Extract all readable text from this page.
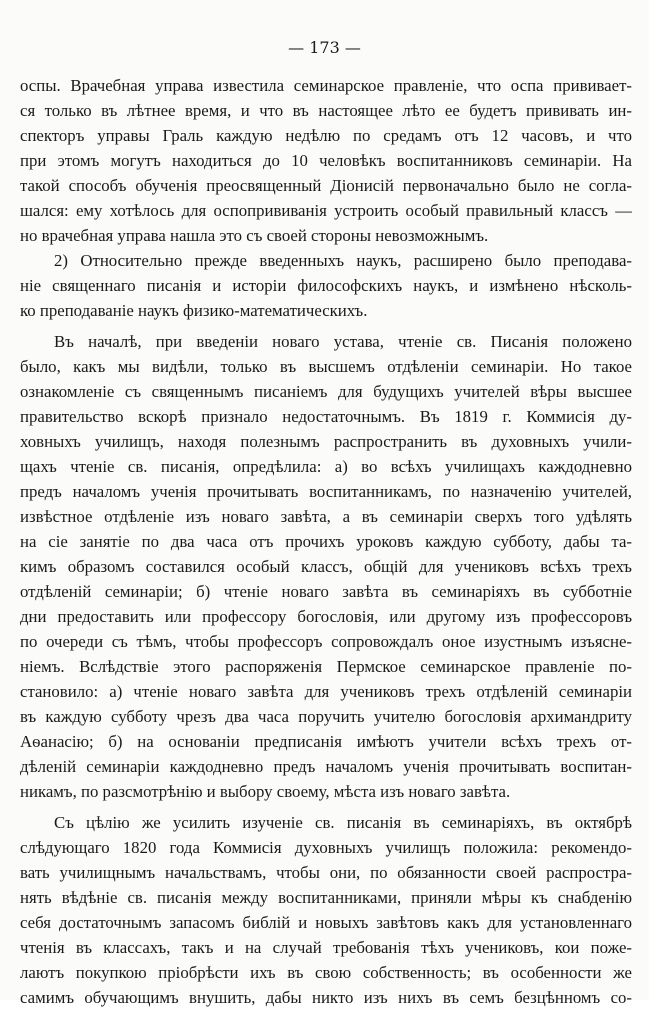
— 173 —
оспы. Врачебная управа известила семинарское правленіе, что оспа прививает-
ся только въ лѣтнее время, и что въ настоящее лѣто ее будетъ прививать ин-
спекторъ управы Граль каждую недѣлю по средамъ отъ 12 часовъ, и что
при этомъ могутъ находиться до 10 человѣкъ воспитанниковъ семинаріи. На
такой способъ обученія преосвященный Діонисій первоначально было не согла-
шался: ему хотѣлось для оспопрививанія устроить особый правильный классъ —
но врачебная управа нашла это съ своей стороны невозможнымъ.
2) Относительно прежде введенныхъ наукъ, расширено было преподава-
ніе священнаго писанія и исторіи философскихъ наукъ, и измѣнено нѣсколь-
ко преподаваніе наукъ физико-математическихъ.
Въ началѣ, при введеніи новаго устава, чтеніе св. Писанія положено
было, какъ мы видѣли, только въ высшемъ отдѣленіи семинаріи. Но такое
ознакомленіе съ священнымъ писаніемъ для будущихъ учителей вѣры высшее
правительство вскорѣ признало недостаточнымъ. Въ 1819 г. Коммисія ду-
ховныхъ училищъ, находя полезнымъ распространить въ духовныхъ учили-
щахъ чтеніе св. писанія, опредѣлила: а) во всѣхъ училищахъ каждодневно
предъ началомъ ученія прочитывать воспитанникамъ, по назначенію учителей,
извѣстное отдѣленіе изъ новаго завѣта, а въ семинаріи сверхъ того удѣлять
на сіе занятіе по два часа отъ прочихъ уроковъ каждую субботу, дабы та-
кимъ образомъ составился особый классъ, общій для учениковъ всѣхъ трехъ
отдѣленій семинаріи; б) чтеніе новаго завѣта въ семинаріяхъ въ субботніе
дни предоставить или профессору богословія, или другому изъ профессоровъ
по очереди съ тѣмъ, чтобы профессоръ сопровождалъ оное изустнымъ изъясне-
ніемъ. Вслѣдствіе этого распоряженія Пермское семинарское правленіе по-
становило: а) чтеніе новаго завѣта для учениковъ трехъ отдѣленій семинаріи
въ каждую субботу чрезъ два часа поручить учителю богословія архимандриту
Аѳанасію; б) на основаніи предписанія имѣютъ учители всѣхъ трехъ от-
дѣленій семинаріи каждодневно предъ началомъ ученія прочитывать воспитан-
никамъ, по разсмотрѣнію и выбору своему, мѣста изъ новаго завѣта.
Съ цѣлію же усилить изученіе св. писанія въ семинаріяхъ, въ октябрѣ
слѣдующаго 1820 года Коммисія духовныхъ училищъ положила: рекомендо-
вать училищнымъ начальствамъ, чтобы они, по обязанности своей распростра-
нять вѣдѣніе св. писанія между воспитанниками, приняли мѣры къ снабденію
себя достаточнымъ запасомъ библій и новыхъ завѣтовъ какъ для установленнаго
чтенія въ классахъ, такъ и на случай требованія тѣхъ учениковъ, кои поже-
лаютъ покупкою пріобрѣсти ихъ въ свою собственность; въ особенности же
самимъ обучающимъ внушить, дабы никто изъ нихъ въ семъ безцѣнномъ со-
